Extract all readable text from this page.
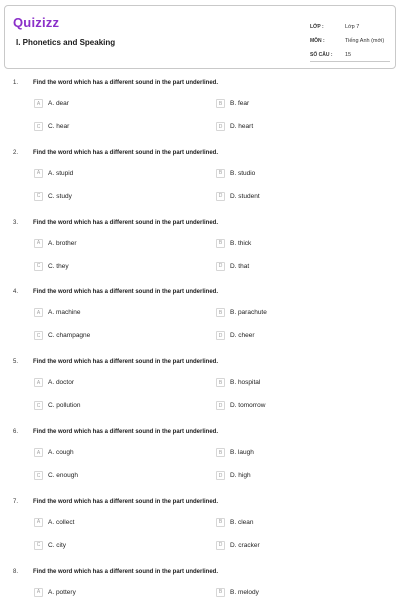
Quizizz
I. Phonetics and Speaking
LỚP :	Lớp 7
MÔN :	Tiếng Anh (mới)
SỐ CÂU :	15
1. Find the word which has a different sound in the part underlined.
A	A. dear	B	B. fear
C	C. hear	D	D. heart
2. Find the word which has a different sound in the part underlined.
A	A. stupid	B	B. studio
C	C. study	D	D. student
3. Find the word which has a different sound in the part underlined.
A	A. brother	B	B. thick
C	C. they	D	D. that
4. Find the word which has a different sound in the part underlined.
A	A. machine	B	B. parachute
C	C. champagne	D	D. cheer
5. Find the word which has a different sound in the part underlined.
A	A. doctor	B	B. hospital
C	C. pollution	D	D. tomorrow
6. Find the word which has a different sound in the part underlined.
A	A. cough	B	B. laugh
C	C. enough	D	D. high
7. Find the word which has a different sound in the part underlined.
A	A. collect	B	B. clean
C	C. city	D	D. cracker
8. Find the word which has a different sound in the part underlined.
A	A. pottery	B	B. melody
